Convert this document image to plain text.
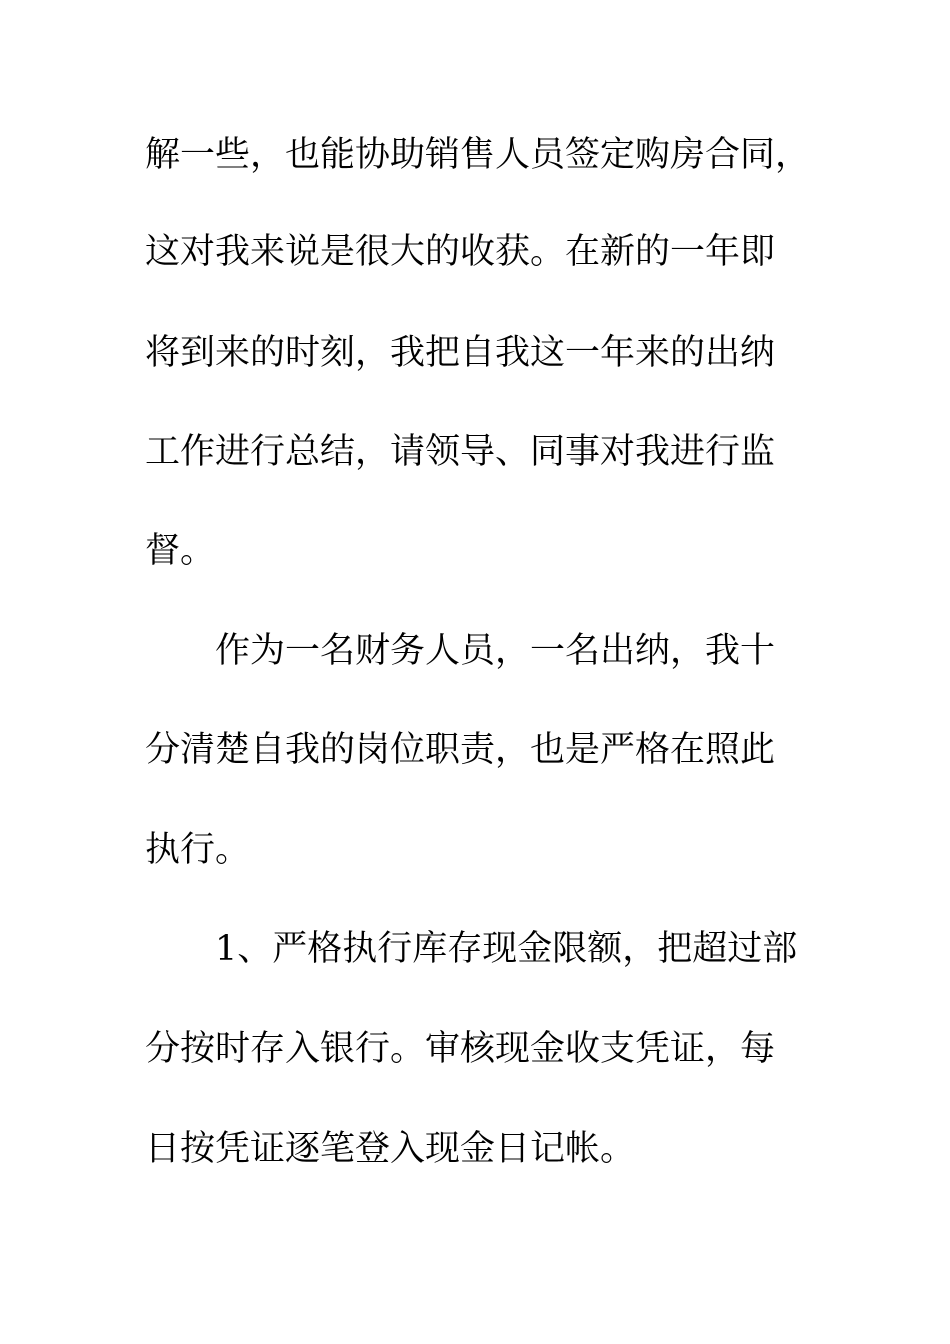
解一些，也能协助销售人员签定购房合同，
这对我来说是很大的收获。在新的一年即
将到来的时刻，我把自我这一年来的出纳
工作进行总结，请领导、同事对我进行监
督。
作为一名财务人员，一名出纳，我十
分清楚自我的岗位职责，也是严格在照此
执行。
1、严格执行库存现金限额，把超过部
分按时存入银行。审核现金收支凭证，每
日按凭证逐笔登入现金日记帐。
